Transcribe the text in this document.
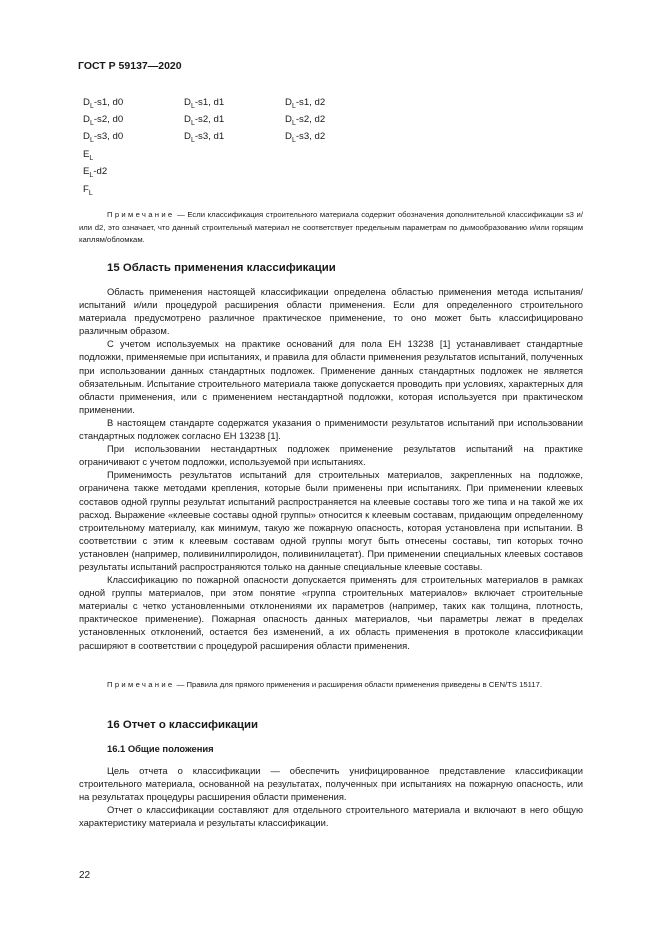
ГОСТ Р 59137—2020
$D_L-s1$, d0	$D_L-s1$, d1	$D_L-s1$, d2
$D_L-s2$, d0	$D_L-s2$, d1	$D_L-s2$, d2
$D_L-s3$, d0	$D_L-s3$, d1	$D_L-s3$, d2
$E_L$
$E_L-d2$
$F_L$

Примечание — Если классификация строительного материала содержит обозначения дополнительной классификации s3 и/или d2, это означает, что данный строительный материал не соответствует предельным параметрам по дымообразованию и/или горящим каплям/обломкам.

15 Область применения классификации

Область применения настоящей классификации определена областью применения метода испытания/испытаний и/или процедурой расширения области применения. Если для определенного строительного материала предусмотрено различное практическое применение, то оно может быть классифицировано различным образом.

С учетом используемых на практике оснований для пола ЕН 13238 [1] устанавливает стандартные подложки, применяемые при испытаниях, и правила для области применения результатов испытаний, полученных при использовании данных стандартных подложек. Применение данных стандартных подложек не является обязательным. Испытание строительного материала также допускается проводить при условиях, характерных для области применения, или с применением нестандартной подложки, которая используется при практическом применении.

В настоящем стандарте содержатся указания о применимости результатов испытаний при использовании стандартных подложек согласно ЕН 13238 [1].

При использовании нестандартных подложек применение результатов испытаний на практике ограничивают с учетом подложки, используемой при испытаниях.

Применимость результатов испытаний для строительных материалов, закрепленных на подложке, ограничена также методами крепления, которые были применены при испытаниях. При применении клеевых составов одной группы результат испытаний распространяется на клеевые составы того же типа и на такой же их расход. Выражение «клеевые составы одной группы» относится к клеевым составам, придающим определенному строительному материалу, как минимум, такую же пожарную опасность, которая установлена при испытании. В соответствии с этим к клеевым составам одной группы могут быть отнесены составы, тип которых точно установлен (например, поливинилпиролидон, поливинилацетат). При применении специальных клеевых составов результаты испытаний распространяются только на данные специальные клеевые составы.

Классификацию по пожарной опасности допускается применять для строительных материалов в рамках одной группы материалов, при этом понятие «группа строительных материалов» включает строительные материалы с четко установленными отклонениями их параметров (например, таких как толщина, плотность, практическое применение). Пожарная опасность данных материалов, чьи параметры лежат в пределах установленных отклонений, остается без изменений, а их область применения в протоколе классификации расширяют в соответствии с процедурой расширения области применения.

Примечание — Правила для прямого применения и расширения области применения приведены в CEN/TS 15117.

16 Отчет о классификации
16.1 Общие положения

Цель отчета о классификации — обеспечить унифицированное представление классификации строительного материала, основанной на результатах, полученных при испытаниях на пожарную опасность, или на результатах процедуры расширения области применения.

Отчет о классификации составляют для отдельного строительного материала и включают в него общую характеристику материала и результаты классификации.

22
